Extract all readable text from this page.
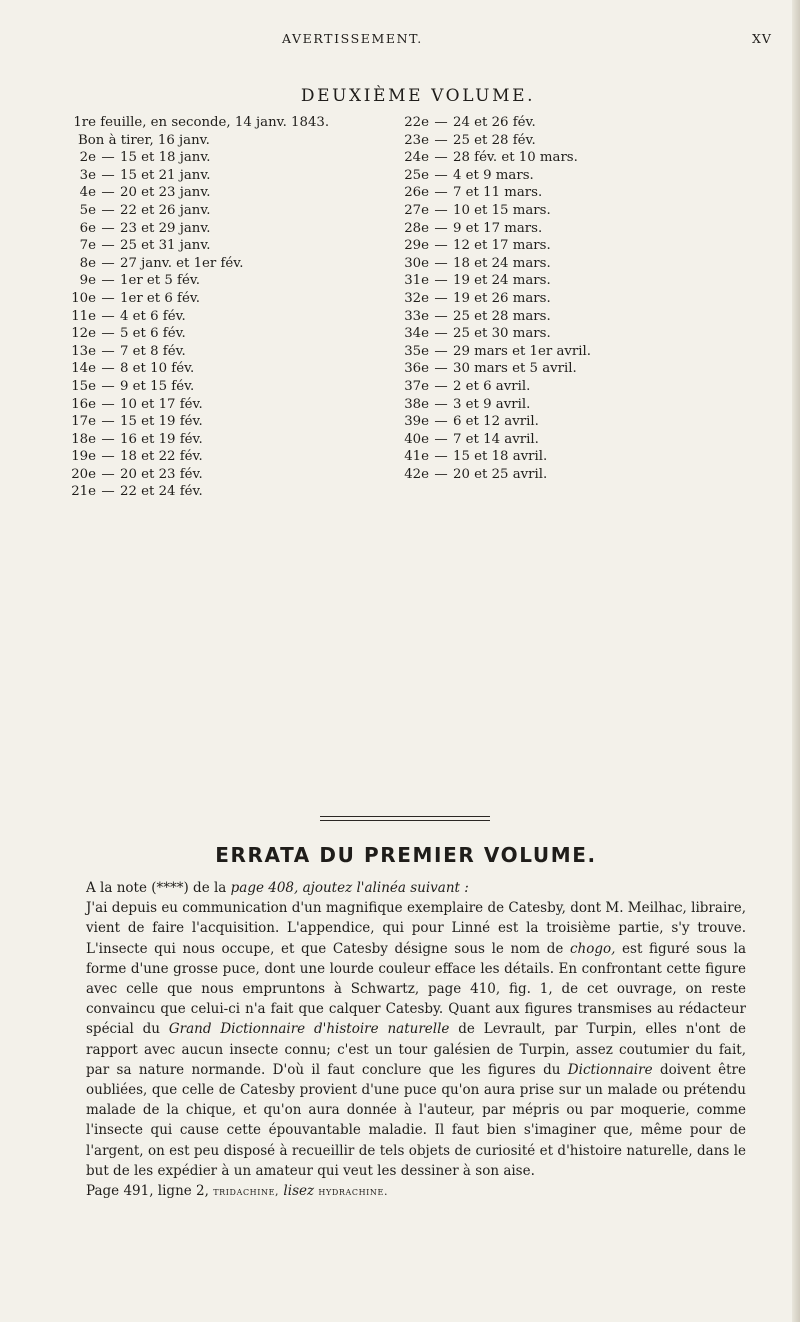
AVERTISSEMENT.	XV
DEUXIÈME VOLUME.
1re feuille, en seconde, 14 janv. 1843.
Bon à tirer, 16 janv.
2e — 15 et 18 janv.
3e — 15 et 21 janv.
4e — 20 et 23 janv.
5e — 22 et 26 janv.
6e — 23 et 29 janv.
7e — 25 et 31 janv.
8e — 27 janv. et 1er fév.
9e — 1er et 5 fév.
10e — 1er et 6 fév.
11e — 4 et 6 fév.
12e — 5 et 6 fév.
13e — 7 et 8 fév.
14e — 8 et 10 fév.
15e — 9 et 15 fév.
16e — 10 et 17 fév.
17e — 15 et 19 fév.
18e — 16 et 19 fév.
19e — 18 et 22 fév.
20e — 20 et 23 fév.
21e — 22 et 24 fév.
22e — 24 et 26 fév.
23e — 25 et 28 fév.
24e — 28 fév. et 10 mars.
25e — 4 et 9 mars.
26e — 7 et 11 mars.
27e — 10 et 15 mars.
28e — 9 et 17 mars.
29e — 12 et 17 mars.
30e — 18 et 24 mars.
31e — 19 et 24 mars.
32e — 19 et 26 mars.
33e — 25 et 28 mars.
34e — 25 et 30 mars.
35e — 29 mars et 1er avril.
36e — 30 mars et 5 avril.
37e — 2 et 6 avril.
38e — 3 et 9 avril.
39e — 6 et 12 avril.
40e — 7 et 14 avril.
41e — 15 et 18 avril.
42e — 20 et 25 avril.
ERRATA DU PREMIER VOLUME.

A la note (****) de la page 408, ajoutez l'alinéa suivant :

J'ai depuis eu communication d'un magnifique exemplaire de Catesby, dont M. Meilhac, libraire, vient de faire l'acquisition. L'appendice, qui pour Linné est la troisième partie, s'y trouve. L'insecte qui nous occupe, et que Catesby désigne sous le nom de chogo, est figuré sous la forme d'une grosse puce, dont une lourde couleur efface les détails. En confrontant cette figure avec celle que nous empruntons à Schwartz, page 410, fig. 1, de cet ouvrage, on reste convaincu que celui-ci n'a fait que calquer Catesby. Quant aux figures transmises au rédacteur spécial du Grand Dictionnaire d'histoire naturelle de Levrault, par Turpin, elles n'ont de rapport avec aucun insecte connu; c'est un tour galésien de Turpin, assez coutumier du fait, par sa nature normande. D'où il faut conclure que les figures du Dictionnaire doivent être oubliées, que celle de Catesby provient d'une puce qu'on aura prise sur un malade ou prétendu malade de la chique, et qu'on aura donnée à l'auteur, par mépris ou par moquerie, comme l'insecte qui cause cette épouvantable maladie. Il faut bien s'imaginer que, même pour de l'argent, on est peu disposé à recueillir de tels objets de curiosité et d'histoire naturelle, dans le but de les expédier à un amateur qui veut les dessiner à son aise.

Page 491, ligne 2, tridachine, lisez hydrachine.
